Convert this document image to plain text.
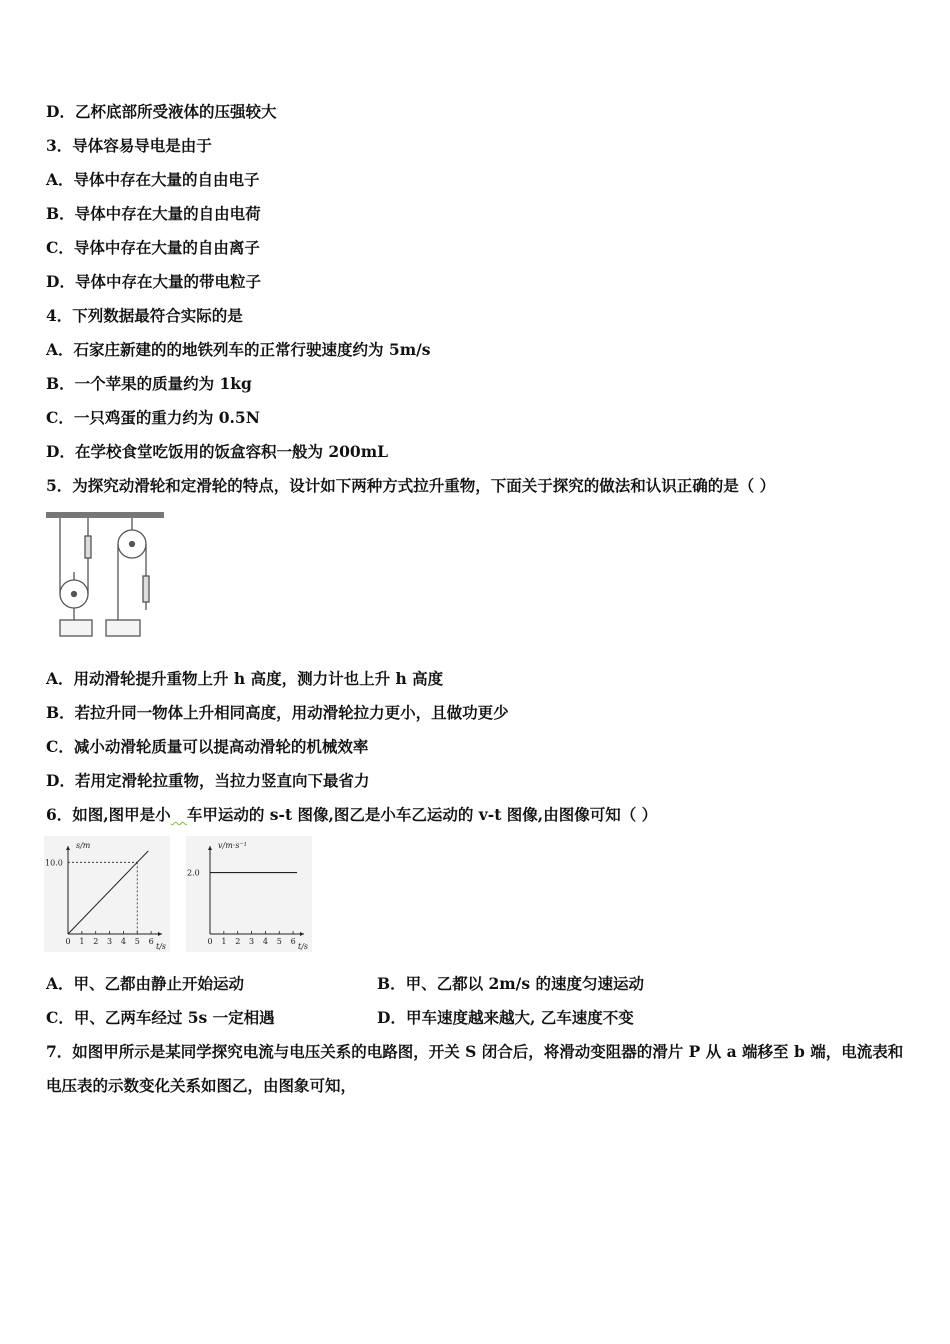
D．乙杯底部所受液体的压强较大
3．导体容易导电是由于
A．导体中存在大量的自由电子
B．导体中存在大量的自由电荷
C．导体中存在大量的自由离子
D．导体中存在大量的带电粒子
4．下列数据最符合实际的是
A．石家庄新建的的地铁列车的正常行驶速度约为 5m/s
B．一个苹果的质量约为 1kg
C．一只鸡蛋的重力约为 0.5N
D．在学校食堂吃饭用的饭盒容积一般为 200mL
5．为探究动滑轮和定滑轮的特点，设计如下两种方式拉升重物，下面关于探究的做法和认识正确的是（ ）
A．用动滑轮提升重物上升 h 高度，测力计也上升 h 高度
B．若拉升同一物体上升相同高度，用动滑轮拉力更小，且做功更少
C．减小动滑轮质量可以提高动滑轮的机械效率
D．若用定滑轮拉重物，当拉力竖直向下最省力
6．如图,图甲是小 车甲运动的 s-t 图像,图乙是小车乙运动的 v-t 图像,由图像可知（ ）
s/m
t/s
0 1 2 3 4 5 6
10.0
v/m·s⁻¹
t/s
0 1 2 3 4 5 6
2.0
A．甲、乙都由静止开始运动	B．甲、乙都以 2m/s 的速度匀速运动
C．甲、乙两车经过 5s 一定相遇	D．甲车速度越来越大, 乙车速度不变
7．如图甲所示是某同学探究电流与电压关系的电路图，开关 S 闭合后，将滑动变阻器的滑片 P 从 a 端移至 b 端，电流表和电压表的示数变化关系如图乙，由图象可知，
